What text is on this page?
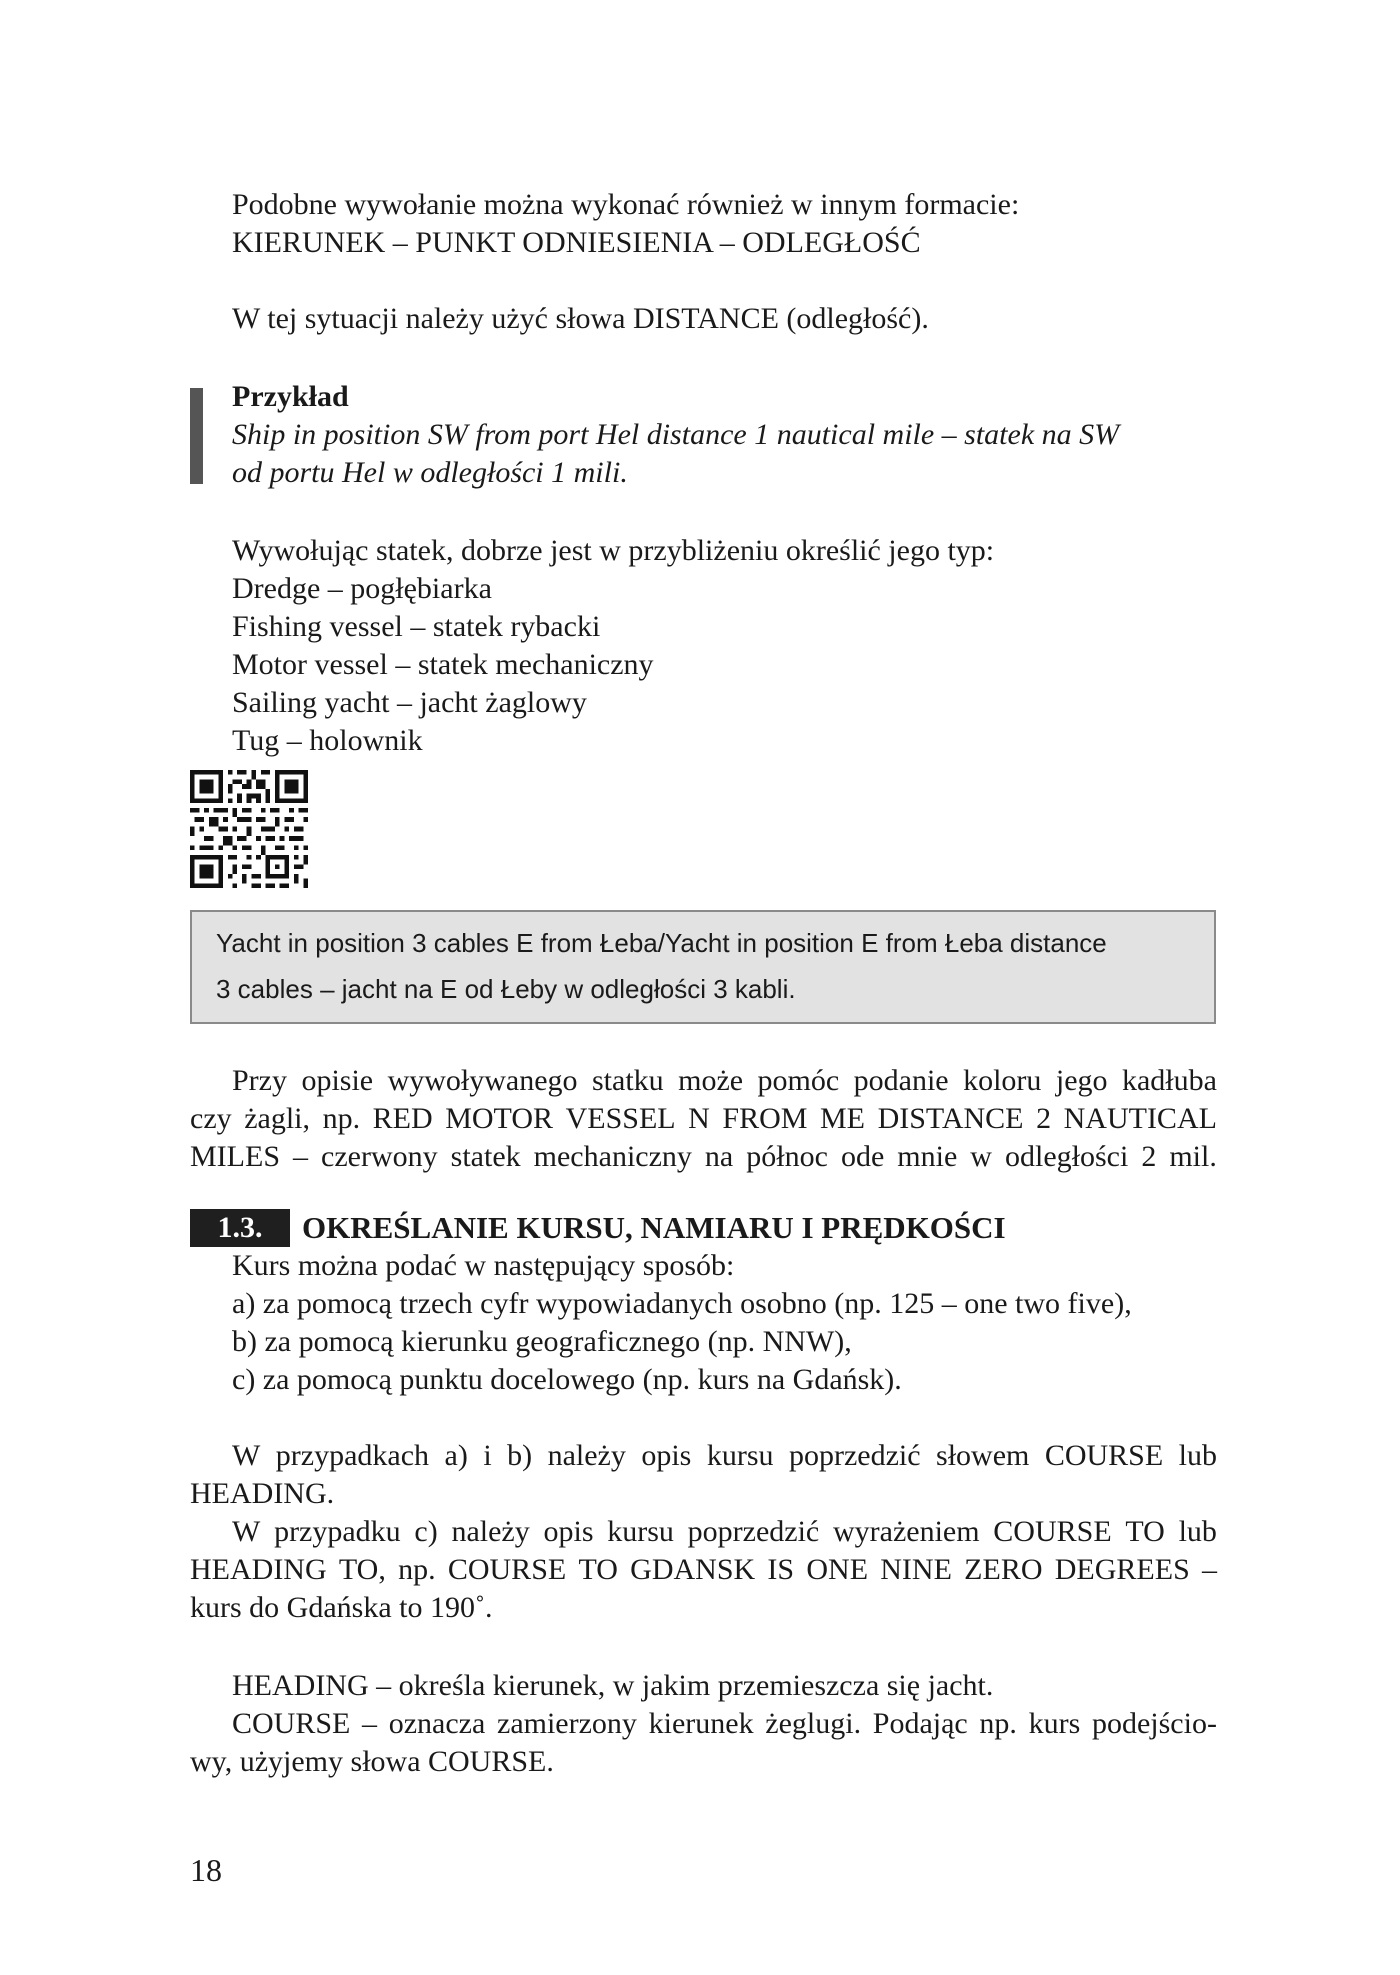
Podobne wywołanie można wykonać również w innym formacie:
KIERUNEK – PUNKT ODNIESIENIA – ODLEGŁOŚĆ
W tej sytuacji należy użyć słowa DISTANCE (odległość).
Przykład
Ship in position SW from port Hel distance 1 nautical mile – statek na SW
od portu Hel w odległości 1 mili.
Wywołując statek, dobrze jest w przybliżeniu określić jego typ:
Dredge – pogłębiarka
Fishing vessel – statek rybacki
Motor vessel – statek mechaniczny
Sailing yacht – jacht żaglowy
Tug – holownik
Yacht in position 3 cables E from Łeba/Yacht in position E from Łeba distance
3 cables – jacht na E od Łeby w odległości 3 kabli.
Przy opisie wywoływanego statku może pomóc podanie koloru jego kadłuba
czy żagli, np. RED MOTOR VESSEL N FROM ME DISTANCE 2 NAUTICAL
MILES – czerwony statek mechaniczny na północ ode mnie w odległości 2 mil.
1.3.	OKREŚLANIE KURSU, NAMIARU I PRĘDKOŚCI
Kurs można podać w następujący sposób:
a) za pomocą trzech cyfr wypowiadanych osobno (np. 125 – one two five),
b) za pomocą kierunku geograficznego (np. NNW),
c) za pomocą punktu docelowego (np. kurs na Gdańsk).
W przypadkach a) i b) należy opis kursu poprzedzić słowem COURSE lub
HEADING.
W przypadku c) należy opis kursu poprzedzić wyrażeniem COURSE TO lub
HEADING TO, np. COURSE TO GDANSK IS ONE NINE ZERO DEGREES –
kurs do Gdańska to 190˚.
HEADING – określa kierunek, w jakim przemieszcza się jacht.
COURSE – oznacza zamierzony kierunek żeglugi. Podając np. kurs podejścio-
wy, użyjemy słowa COURSE.
18
